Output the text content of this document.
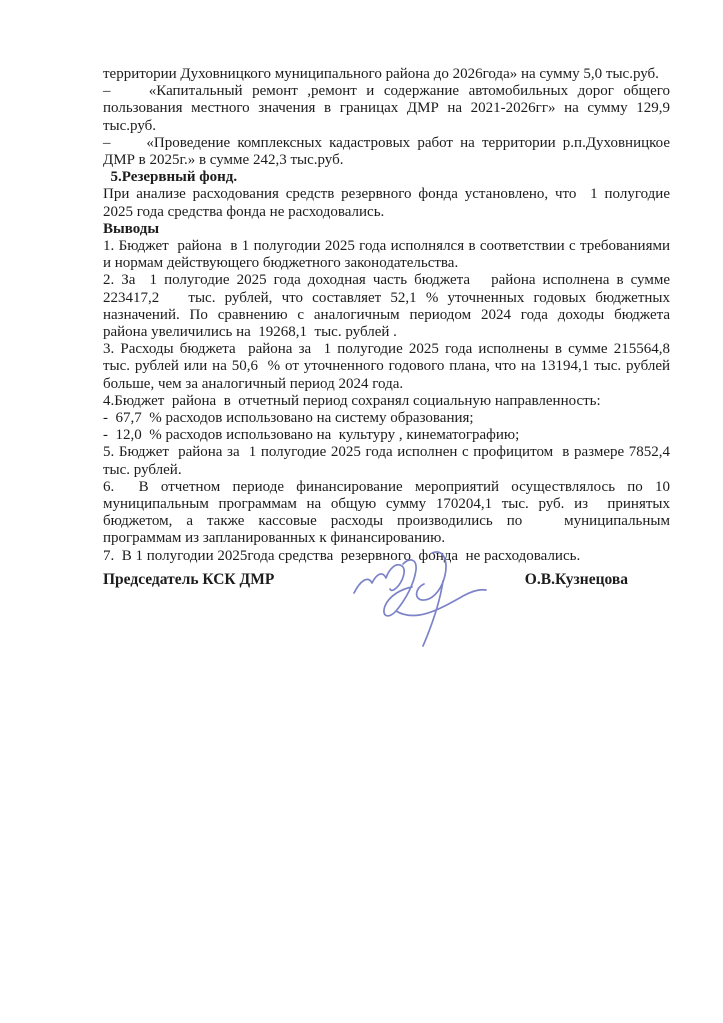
территории Духовницкого муниципального района до 2026года» на сумму 5,0 тыс.руб.
–	«Капитальный ремонт ,ремонт и содержание автомобильных дорог общего пользования местного значения в границах ДМР на 2021-2026гг» на сумму 129,9 тыс.руб.
–	«Проведение комплексных кадастровых работ на территории р.п.Духовницкое ДМР в 2025г.» в сумме 242,3 тыс.руб.
5.Резервный фонд.
При анализе расходования средств резервного фонда установлено, что  1 полугодие 2025 года средства фонда не расходовались.
Выводы
1. Бюджет  района  в 1 полугодии 2025 года исполнялся в соответствии с требованиями и нормам действующего бюджетного законодательства.
2. За  1 полугодие 2025 года доходная часть бюджета   района исполнена в сумме 223417,2	тыс. рублей, что составляет 52,1 % уточненных годовых бюджетных назначений. По сравнению с аналогичным периодом 2024 года доходы бюджета   района увеличились на  19268,1  тыс. рублей .
3. Расходы бюджета  района за  1 полугодие 2025 года исполнены в сумме 215564,8  тыс. рублей или на 50,6  % от уточненного годового плана, что на 13194,1 тыс. рублей  больше, чем за аналогичный период 2024 года.
4.Бюджет  района  в  отчетный период сохранял социальную направленность:
-  67,7  % расходов использовано на систему образования;
-  12,0  % расходов использовано на  культуру , кинематографию;
5. Бюджет  района за  1 полугодие 2025 года исполнен с профицитом  в размере 7852,4 тыс. рублей.
6.  В отчетном периоде финансирование мероприятий осуществлялось по 10 муниципальным программам на общую сумму 170204,1 тыс. руб. из  принятых бюджетом, а также кассовые расходы производились по   муниципальным     программам из запланированных к финансированию.
7.  В 1 полугодии 2025года средства  резервного  фонда  не расходовались.
Председатель КСК ДМР	О.В.Кузнецова
